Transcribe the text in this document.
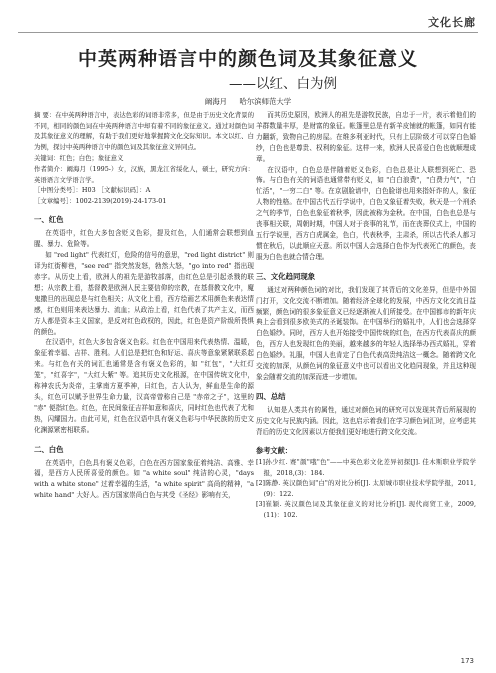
文化长廊
中英两种语言中的颜色词及其象征意义
——以红、白为例
阚海月 哈尔滨师范大学

摘 要：在中英两种语言中，表达色彩的词语非常多，但是由于历史文化背景的不同，相同的颜色词在中英两种语言中却有着不同的象征意义。通过对颜色词及其象征意义的理解，有助于我们更好地掌握跨文化交际知识。本文以红、白为例，探讨中英两种语言中的颜色词及其象征意义异同点。

关键词：红色；白色；象征意义

作者简介：阚海月（1995-）女，汉族，黑龙江省绥化人，硕士，研究方向：英语语言文学语言学。

［中图分类号］：H03 ［文献标识码］：A

［文章编号］：1002-2139(2019)-24-173-01

一、红色

在英语中，红色大多包含贬义色彩，提及红色，人们通常会联想到血腥、暴力、危险等。

如 "red light" 代表红灯，危险的信号的意思，"red light district" 则译为红街柳巷，"see red" 指突然发怒，勃然大怒，"go into red" 指出现赤字。从历史上看，欧洲人的祖先是游牧部落，由红色总是引起杀戮的联想；从宗教上看，基督教是欧洲人民主要信仰的宗教，在基督教文化中，魔鬼撒旦的出现总是与红色相关；从文化上看，西方绘画艺术用颜色来表达情感，红色则用来表达暴力、流血；从政治上看，红色代表了共产主义，而西方人都是资本主义国家，是反对红色政权的，因此，红色是资产阶级所畏惧的颜色。

在汉语中，红色大多包含褒义色彩。红色在中国用来代表热情、温暖，象征着幸福、吉祥、胜利。人们总是把红色和好运、喜庆等意象紧紧联系起来。与红色有关的词汇也通常是含有褒义色彩的，如 "红包"，"大红灯笼"，"红喜字"，"大红大紫" 等。追其历史文化根源，在中国传统文化中，称神农氏为炎帝，主掌南方夏季神，曰红色，古人认为，鲜血是生命的源头，红色可以赋予世界生命力量，汉高帝曾称自己是 "赤帝之子"，这里的 "赤" 便指红色。红色，在民间象征吉祥如意和喜庆，同时红色也代表了尤和热，闪耀国力。由此可见，红色在汉语中具有褒义色彩与中华民族的历史文化渊源紧密相联系。

二、白色

在英语中，白色具有褒义色彩，白色在西方国家象征着纯洁、高雅、幸福，是西方人民所喜爱的颜色。如 "a white soul" 纯洁的心灵，"days with a white stone" 过着幸福的生活，"a white spirit" 高尚的精神，"a white hand" 大好人。西方国家崇尚白色与其受《圣经》影响有关，

而其历史原因，欧洲人的祖先是游牧民族，自忠于一片，表示着他们的羊群数量丰厚，是财富的象征。帐篷里总是有新羊皮铺就的帐篷，如同有能力翻新，致物自己的房屋。在维多利亚时代，只有上层阶级才可以穿白色婚纱，白色也是尊贵、权利的象征。这样一来，欧洲人民喜爱白色也就顺理成章。

在汉语中，白色总是伴随着贬义色彩，白色总是让人联想到死亡、恐怖。与白色有关的词语也通常带有贬义，如 "白白浪费"，"白费力气"，"白忙活"，"一穷二白" 等。在京剧脸谱中，白色脸谱也用来指奸诈的人，象征人物的性格。在中国古代五行学说中，白色又象征着失败，秋天是一个刑杀之气的季节，白色也象征着秋季，因此被称为金秋。在中国，白色也总是与丧事相关联，周朝时期，中国人对于丧事的礼节，而在丧葬仪式上，中国的五行学说里，西方白虎属金，色白，代表秋季，主肃杀，所以古代杀人都习惯在秋后，以此顺应天意。所以中国人会选择白色作为代表死亡的颜色，丧服为白色也就合情合理。

三、文化趋同现象

通过对两种颜色词的对比，我们发现了其背后的文化差异，但是中外国门打开，文化交流不断增加。随着经济全球化的发展，中西方文化交流日益频繁，颜色词的很多象征意义已经逐渐被人们所接受。在中国都市的新年庆典上会看到很多欧美式的圣诞装饰。在中国举行的婚礼中，人们也会选择穿白色婚纱。同时，西方人也开始接受中国传统的红色，在西方代表喜庆的颜色，西方人也发现红色的美丽，越来越多的年轻人选择举办西式婚礼，穿着白色婚纱。礼服，中国人也肯定了白色代表高贵纯洁这一概念。随着跨文化交流的加深，从颜色词的象征意义中也可以看出文化趋同现象，并且这种现象会随着交流的加深而进一步增加。

四、总结

认知是人类共有的属性，通过对颜色词的研究可以发现其背后所展现的历史文化与民族内涵。因此，这也启示着我们在学习颜色词汇时，应考虑其背后的历史文化因素以方便我们更好地进行跨文化交流。

参考文献：
[1]孙少红. 赛"颜"哦"色"——中英色彩文化差异初探[J]. 佳木斯职业学院学报，2018,(3)：184.
[2]陈静. 英汉颜色词"白"的对比分析[J]. 太原城市职业技术学院学报，2011,(9)：122.
[3]崔颖. 英汉颜色词及其象征意义的对比分析[J]. 现代商贸工业，2009,(11)：102.
173
